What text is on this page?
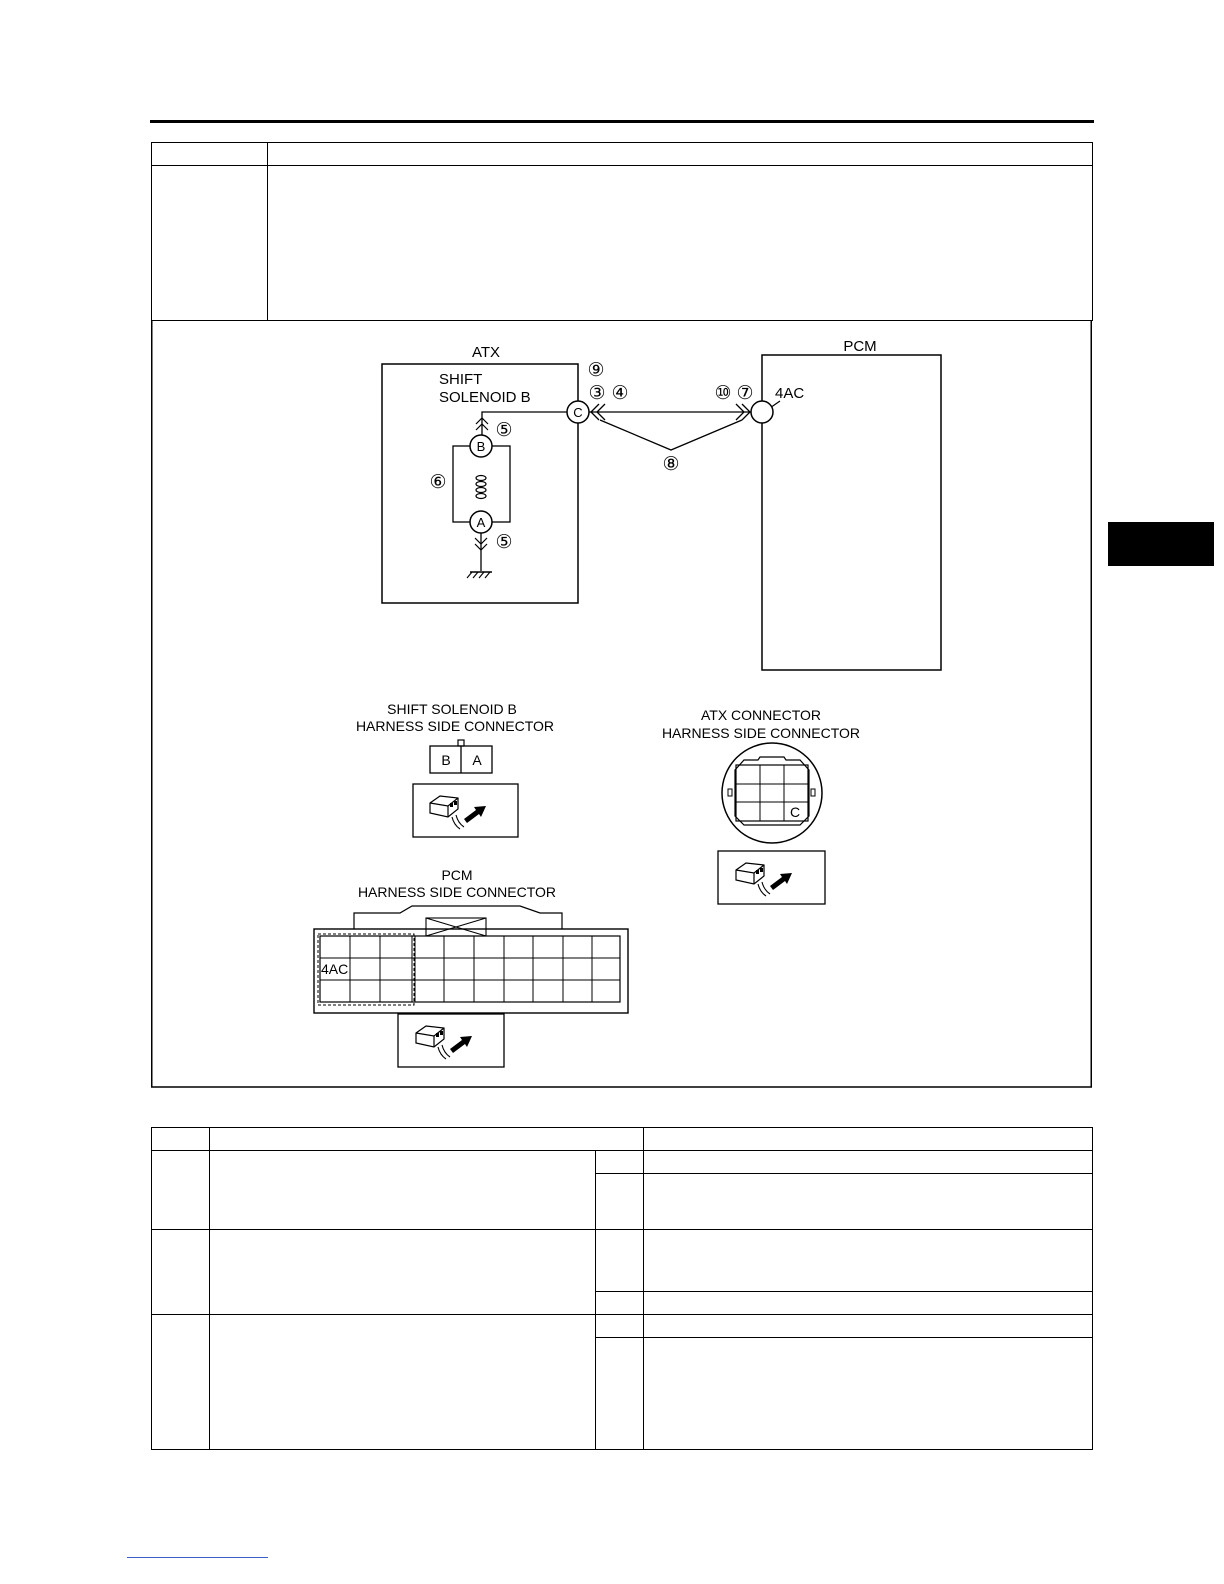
ATX
SHIFT
SOLENOID B
PCM
4AC
C
B
A
⑨
③ ④	⑩ ⑦
⑤
⑥
⑤
⑧
SHIFT SOLENOID B
HARNESS SIDE CONNECTOR
B A
ATX CONNECTOR
HARNESS SIDE CONNECTOR
C
PCM
HARNESS SIDE CONNECTOR
4AC
